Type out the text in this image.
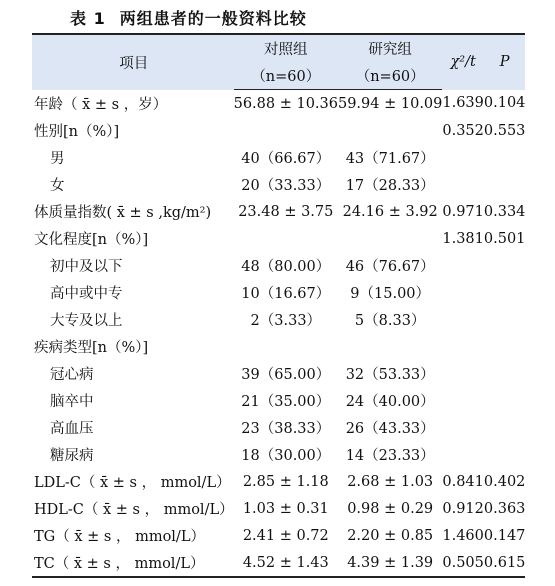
表 1 两组患者的一般资料比较
项目	对照组	研究组	χ²/t	P
	（n=60）	（n=60）		
年龄（ x̄ ± s ，岁）	56.88 ± 10.36	59.94 ± 10.09	1.639	0.104
性别[n（%）]			0.352	0.553
男	40（66.67）	43（71.67）		
女	20（33.33）	17（28.33）		
体质量指数( x̄ ± s ,kg/m²)	23.48 ± 3.75	24.16 ± 3.92	0.971	0.334
文化程度[n（%）]			1.381	0.501
初中及以下	48（80.00）	46（76.67）		
高中或中专	10（16.67）	9（15.00）		
大专及以上	2（3.33）	5（8.33）		
疾病类型[n（%）]				
冠心病	39（65.00）	32（53.33）		
脑卒中	21（35.00）	24（40.00）		
高血压	23（38.33）	26（43.33）		
糖尿病	18（30.00）	14（23.33）		
LDL-C（ x̄ ± s ， mmol/L）	2.85 ± 1.18	2.68 ± 1.03	0.841	0.402
HDL-C（ x̄ ± s ， mmol/L）	1.03 ± 0.31	0.98 ± 0.29	0.912	0.363
TG（ x̄ ± s ， mmol/L）	2.41 ± 0.72	2.20 ± 0.85	1.460	0.147
TC（ x̄ ± s ， mmol/L）	4.52 ± 1.43	4.39 ± 1.39	0.505	0.615
